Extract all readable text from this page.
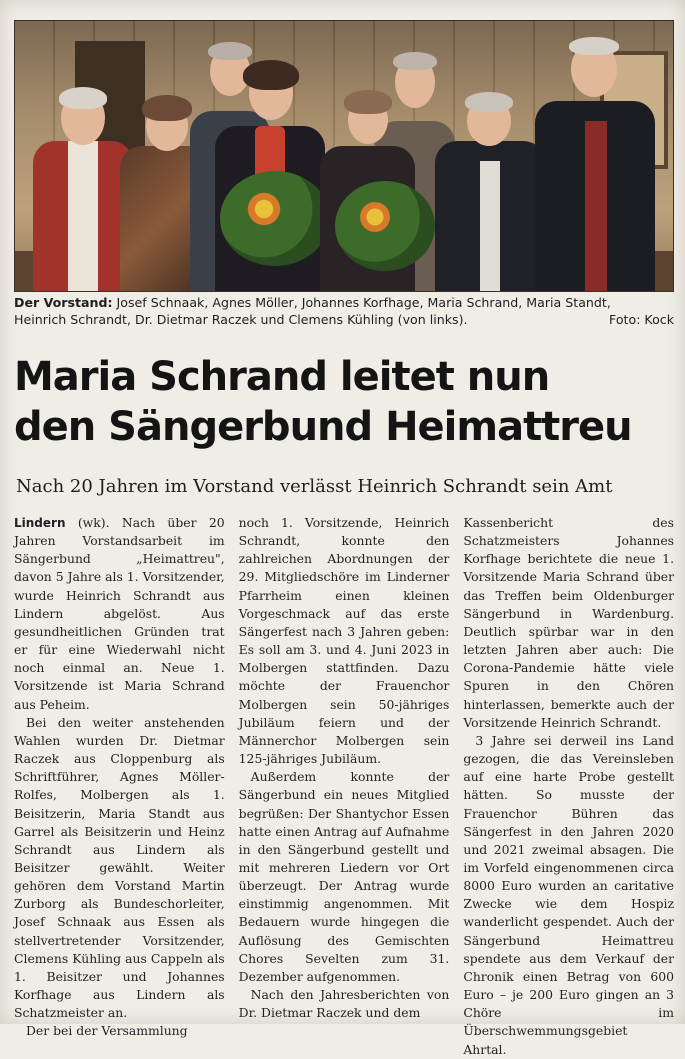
Der Vorstand: Josef Schnaak, Agnes Möller, Johannes Korfhage, Maria Schrand, Maria Standt,
Heinrich Schrandt, Dr. Dietmar Raczek und Clemens Kühling (von links).	Foto: Kock
Maria Schrand leitet nun
den Sängerbund Heimattreu
Nach 20 Jahren im Vorstand verlässt Heinrich Schrandt sein Amt

Lindern (wk). Nach über 20 Jahren Vorstandsarbeit im Sängerbund „Heimattreu", davon 5 Jahre als 1. Vorsitzender, wurde Heinrich Schrandt aus Lindern abgelöst. Aus gesundheitlichen Gründen trat er für eine Wiederwahl nicht noch einmal an. Neue 1. Vorsitzende ist Maria Schrand aus Peheim.

Bei den weiter anstehenden Wahlen wurden Dr. Dietmar Raczek aus Cloppenburg als Schriftführer, Agnes Möller-Rolfes, Molbergen als 1. Beisitzerin, Maria Standt aus Garrel als Beisitzerin und Heinz Schrandt aus Lindern als Beisitzer gewählt. Weiter gehören dem Vorstand Martin Zurborg als Bundeschorleiter, Josef Schnaak aus Essen als stellvertretender Vorsitzender, Clemens Kühling aus Cappeln als 1. Beisitzer und Johannes Korfhage aus Lindern als Schatzmeister an.

Der bei der Versammlung

noch 1. Vorsitzende, Heinrich Schrandt, konnte den zahlreichen Abordnungen der 29. Mitgliedschöre im Linderner Pfarrheim einen kleinen Vorgeschmack auf das erste Sängerfest nach 3 Jahren geben: Es soll am 3. und 4. Juni 2023 in Molbergen stattfinden. Dazu möchte der Frauenchor Molbergen sein 50-jähriges Jubiläum feiern und der Männerchor Molbergen sein 125-jähriges Jubiläum.

Außerdem konnte der Sängerbund ein neues Mitglied begrüßen: Der Shantychor Essen hatte einen Antrag auf Aufnahme in den Sängerbund gestellt und mit mehreren Liedern vor Ort überzeugt. Der Antrag wurde einstimmig angenommen. Mit Bedauern wurde hingegen die Auflösung des Gemischten Chores Sevelten zum 31. Dezember aufgenommen.

Nach den Jahresberichten von Dr. Dietmar Raczek und dem

Kassenbericht des Schatzmeisters Johannes Korfhage berichtete die neue 1. Vorsitzende Maria Schrand über das Treffen beim Oldenburger Sängerbund in Wardenburg. Deutlich spürbar war in den letzten Jahren aber auch: Die Corona-Pandemie hätte viele Spuren in den Chören hinterlassen, bemerkte auch der Vorsitzende Heinrich Schrandt.

3 Jahre sei derweil ins Land gezogen, die das Vereinsleben auf eine harte Probe gestellt hätten. So musste der Frauenchor Bühren das Sängerfest in den Jahren 2020 und 2021 zweimal absagen. Die im Vorfeld eingenommenen circa 8000 Euro wurden an caritative Zwecke wie dem Hospiz wanderlicht gespendet. Auch der Sängerbund Heimattreu spendete aus dem Verkauf der Chronik einen Betrag von 600 Euro – je 200 Euro gingen an 3 Chöre im Überschwemmungsgebiet Ahrtal.
